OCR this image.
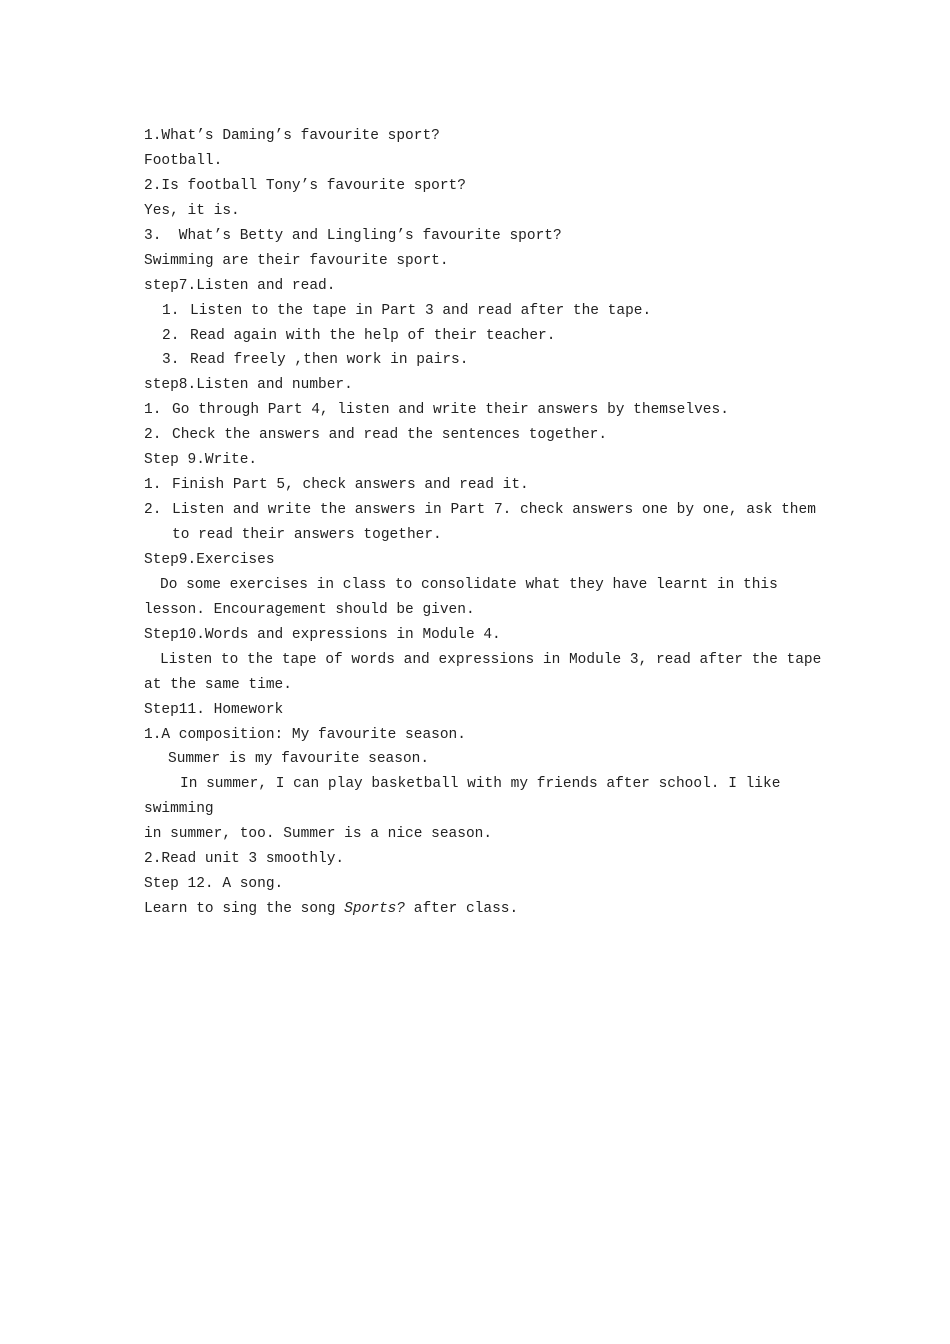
1.What’s Daming’s favourite sport?
Football.
2.Is football Tony’s favourite sport?
Yes, it is.
3.  What’s Betty and Lingling’s favourite sport?
Swimming are their favourite sport.
step7.Listen and read.
1. Listen to the tape in Part 3 and read after the tape.
2. Read again with the help of their teacher.
3. Read freely ,then work in pairs.
step8.Listen and number.
1. Go through Part 4, listen and write their answers by themselves.
2. Check the answers and read the sentences together.
Step 9.Write.
1. Finish Part 5, check answers and read it.
2. Listen and write the answers in Part 7. check answers one by one, ask them
to read their answers together.
Step9.Exercises
Do some exercises in class to consolidate what they have learnt in this
lesson. Encouragement should be given.
Step10.Words and expressions in Module 4.
Listen to the tape of words and expressions in Module 3, read after the tape
at the same time.
Step11. Homework
1.A composition: My favourite season.
Summer is my favourite season.
In summer, I can play basketball with my friends after school. I like
swimming
in summer, too. Summer is a nice season.
2.Read unit 3 smoothly.
Step 12. A song.
Learn to sing the song Sports? after class.
